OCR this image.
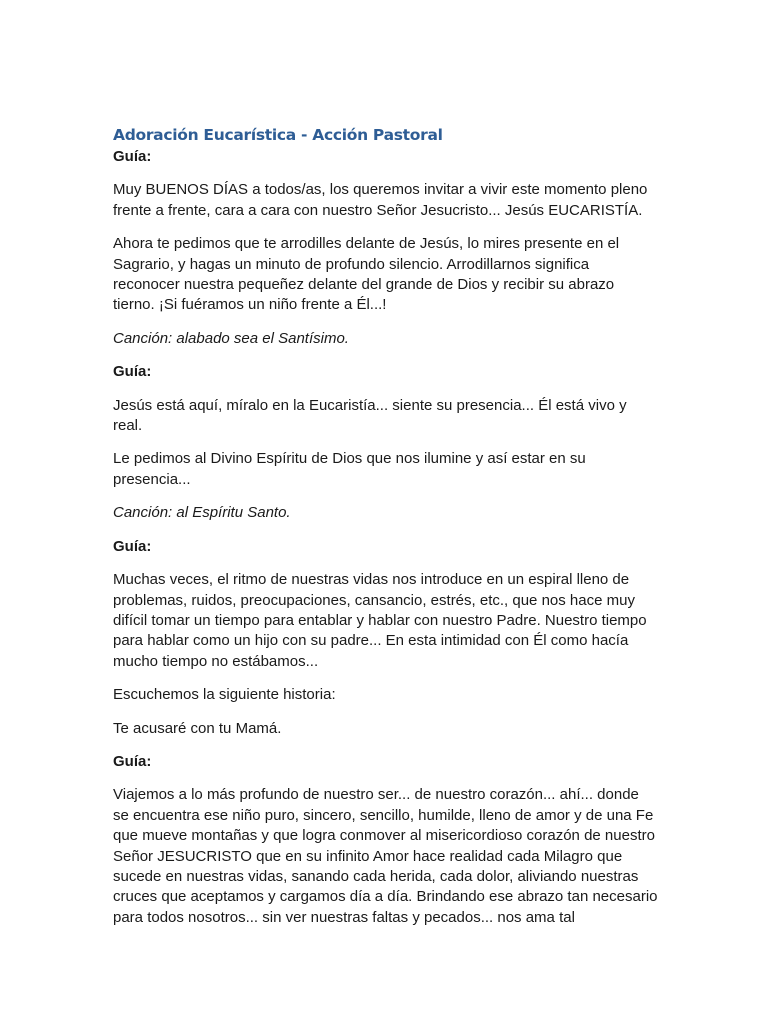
Adoración Eucarística - Acción Pastoral

Guía:

Muy BUENOS DÍAS a todos/as, los queremos invitar a vivir este momento pleno frente a frente, cara a cara con nuestro Señor Jesucristo... Jesús EUCARISTÍA.

Ahora te pedimos que te arrodilles delante de Jesús, lo mires presente en el Sagrario, y hagas un minuto de profundo silencio. Arrodillarnos significa reconocer nuestra pequeñez delante del grande de Dios y recibir su abrazo tierno. ¡Si fuéramos un niño frente a Él...!

Canción: alabado sea el Santísimo.

Guía:

Jesús está aquí, míralo en la Eucaristía... siente su presencia... Él está vivo y real.

Le pedimos al Divino Espíritu de Dios que nos ilumine y así estar en su presencia...

Canción: al Espíritu Santo.

Guía:

Muchas veces, el ritmo de nuestras vidas nos introduce en un espiral lleno de problemas, ruidos, preocupaciones, cansancio, estrés, etc., que nos hace muy difícil tomar un tiempo para entablar y hablar con nuestro Padre. Nuestro tiempo para hablar como un hijo con su padre... En esta intimidad con Él como hacía mucho tiempo no estábamos...

Escuchemos la siguiente historia:

Te acusaré con tu Mamá.

Guía:

Viajemos a lo más profundo de nuestro ser... de nuestro corazón... ahí... donde se encuentra ese niño puro, sincero, sencillo, humilde, lleno de amor y de una Fe que mueve montañas y que logra conmover al misericordioso corazón de nuestro Señor JESUCRISTO que en su infinito Amor hace realidad cada Milagro que sucede en nuestras vidas, sanando cada herida, cada dolor, aliviando nuestras cruces que aceptamos y cargamos día a día. Brindando ese abrazo tan necesario para todos nosotros... sin ver nuestras faltas y pecados... nos ama tal
